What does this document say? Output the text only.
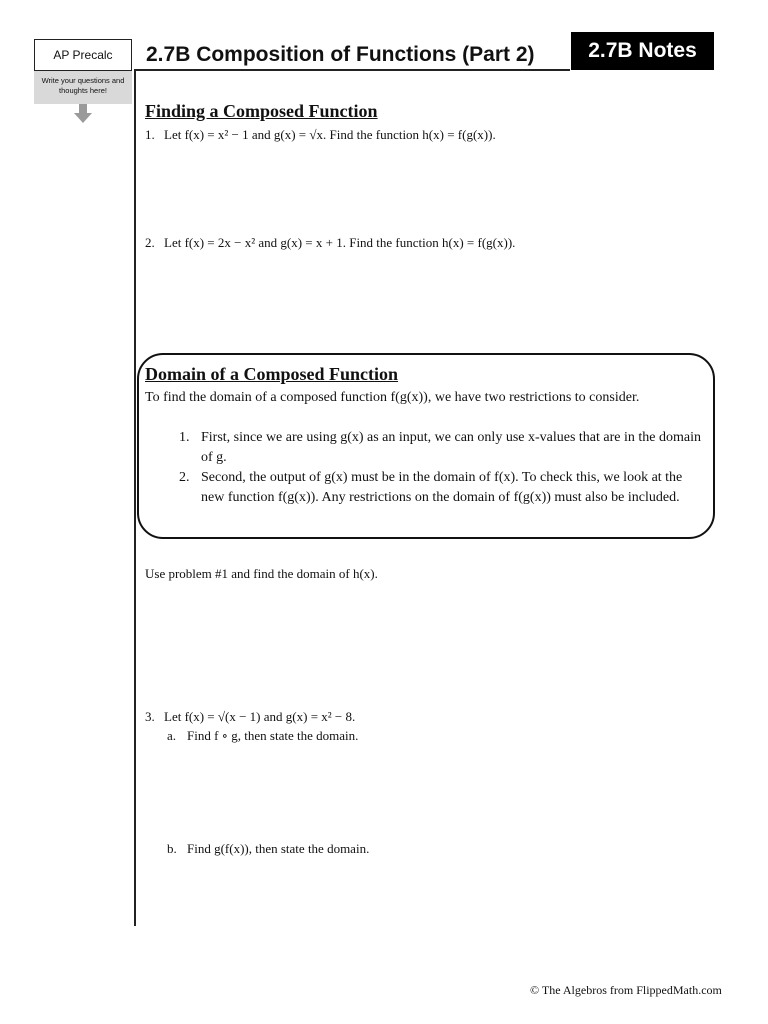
AP Precalc
Write your questions and thoughts here!
2.7B Composition of Functions (Part 2)	2.7B Notes
Finding a Composed Function
1. Let f(x) = x² − 1 and g(x) = √x. Find the function h(x) = f(g(x)).
2. Let f(x) = 2x − x² and g(x) = x + 1. Find the function h(x) = f(g(x)).
Domain of a Composed Function
To find the domain of a composed function f(g(x)), we have two restrictions to consider.
1. First, since we are using g(x) as an input, we can only use x-values that are in the domain of g.
2. Second, the output of g(x) must be in the domain of f(x). To check this, we look at the new function f(g(x)). Any restrictions on the domain of f(g(x)) must also be included.
Use problem #1 and find the domain of h(x).
3. Let f(x) = √(x − 1) and g(x) = x² − 8.
a. Find f ∘ g, then state the domain.
b. Find g(f(x)), then state the domain.
© The Algebros from FlippedMath.com
